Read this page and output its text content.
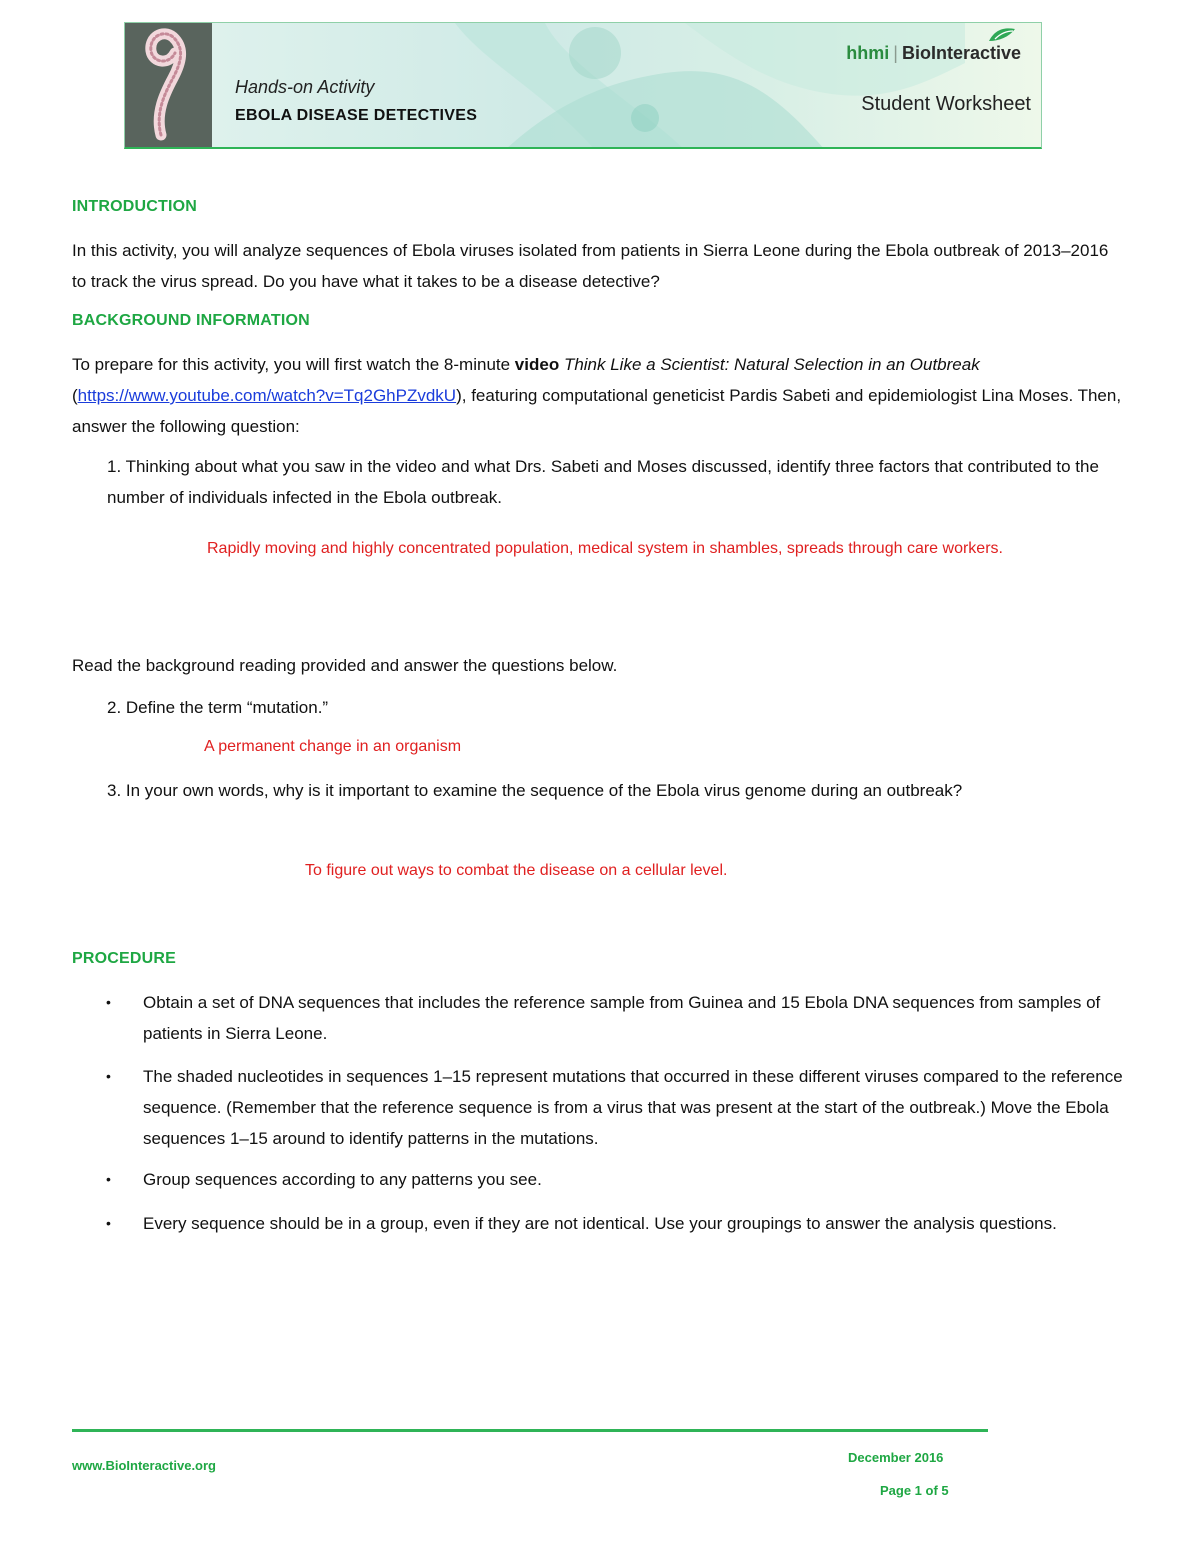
Hands-on Activity
EBOLA DISEASE DETECTIVES
hhmi | BioInteractive
Student Worksheet
INTRODUCTION
In this activity, you will analyze sequences of Ebola viruses isolated from patients in Sierra Leone during the Ebola outbreak of 2013–2016 to track the virus spread. Do you have what it takes to be a disease detective?
BACKGROUND INFORMATION
To prepare for this activity, you will first watch the 8-minute video Think Like a Scientist: Natural Selection in an Outbreak (https://www.youtube.com/watch?v=Tq2GhPZvdkU), featuring computational geneticist Pardis Sabeti and epidemiologist Lina Moses. Then, answer the following question:
1. Thinking about what you saw in the video and what Drs. Sabeti and Moses discussed, identify three factors that contributed to the number of individuals infected in the Ebola outbreak.
Rapidly moving and highly concentrated population, medical system in shambles, spreads through care workers.
Read the background reading provided and answer the questions below.
2. Define the term “mutation.”
A permanent change in an organism
3. In your own words, why is it important to examine the sequence of the Ebola virus genome during an outbreak?
To figure out ways to combat the disease on a cellular level.
PROCEDURE
• Obtain a set of DNA sequences that includes the reference sample from Guinea and 15 Ebola DNA sequences from samples of patients in Sierra Leone.
• The shaded nucleotides in sequences 1–15 represent mutations that occurred in these different viruses compared to the reference sequence. (Remember that the reference sequence is from a virus that was present at the start of the outbreak.) Move the Ebola sequences 1–15 around to identify patterns in the mutations.
• Group sequences according to any patterns you see.
• Every sequence should be in a group, even if they are not identical. Use your groupings to answer the analysis questions.
www.BioInteractive.org
December 2016
Page 1 of 5
